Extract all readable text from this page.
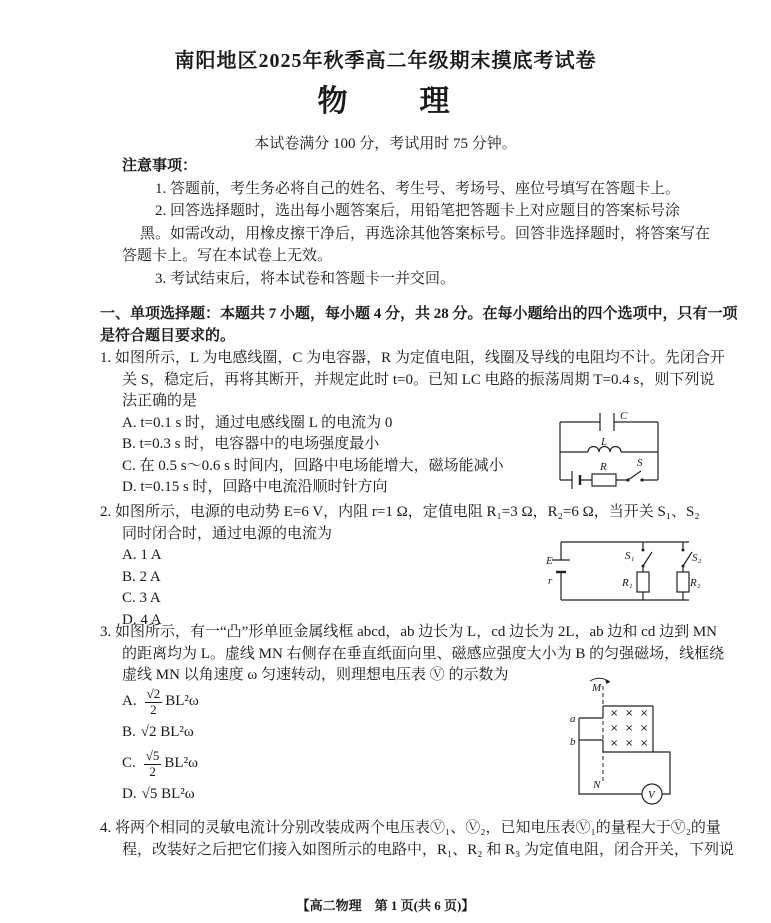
南阳地区2025年秋季高二年级期末摸底考试卷
物　　理
本试卷满分 100 分，考试用时 75 分钟。
注意事项：
1. 答题前，考生务必将自己的姓名、考生号、考场号、座位号填写在答题卡上。
2. 回答选择题时，选出每小题答案后，用铅笔把答题卡上对应题目的答案标号涂
黑。如需改动，用橡皮擦干净后，再选涂其他答案标号。回答非选择题时，将答案写在
答题卡上。写在本试卷上无效。
3. 考试结束后，将本试卷和答题卡一并交回。
一、单项选择题：本题共 7 小题，每小题 4 分，共 28 分。在每小题给出的四个选项中，只有一项
是符合题目要求的。
1. 如图所示，L 为电感线圈，C 为电容器，R 为定值电阻，线圈及导线的电阻均不计。先闭合开
关 S，稳定后，再将其断开，并规定此时 t=0。已知 LC 电路的振荡周期 T=0.4 s，则下列说
法正确的是
A. t=0.1 s 时，通过电感线圈 L 的电流为 0
B. t=0.3 s 时，电容器中的电场强度最小
C. 在 0.5 s～0.6 s 时间内，回路中电场能增大，磁场能减小
D. t=0.15 s 时，回路中电流沿顺时针方向
C
L
R	S
2. 如图所示，电源的电动势 E=6 V，内阻 r=1 Ω，定值电阻 R₁=3 Ω，R₂=6 Ω，当开关 S₁、S₂
同时闭合时，通过电源的电流为
A. 1 A
B. 2 A
C. 3 A
D. 4 A
E
r
S₁	S₂
R₁	R₂
3. 如图所示，有一“凸”形单匝金属线框 abcd，ab 边长为 L，cd 边长为 2L，ab 边和 cd 边到 MN
的距离均为 L。虚线 MN 右侧存在垂直纸面向里、磁感应强度大小为 B 的匀强磁场，线框绕
虚线 MN 以角速度 ω 匀速转动，则理想电压表 Ⓥ 的示数为
A. $\frac{√2}{2} BL^2\omega$
B. √2 BL²ω
C. $\frac{√5}{2} BL^2\omega$
D. √5 BL²ω
× × ×
× × ×
× × ×
M
N
a
b
V
4. 将两个相同的灵敏电流计分别改装成两个电压表Ⓥ₁、Ⓥ₂，已知电压表Ⓥ₁的量程大于Ⓥ₂的量
程，改装好之后把它们接入如图所示的电路中，R₁、R₂ 和 R₃ 为定值电阻，闭合开关，下列说
【高二物理　第 1 页(共 6 页)】
